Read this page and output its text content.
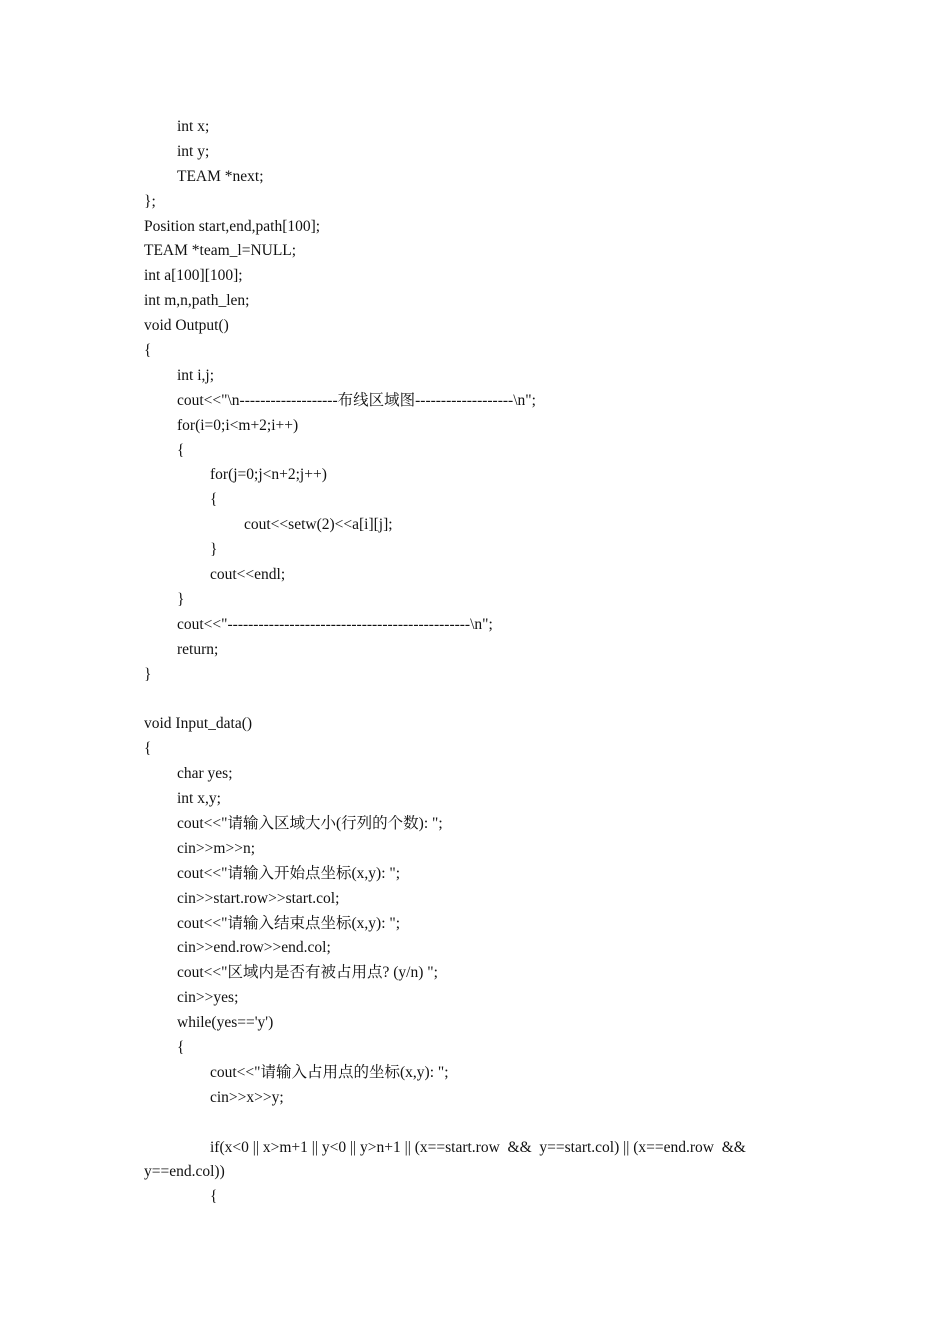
int x;
int y;
TEAM *next;
};
Position start,end,path[100];
TEAM *team_l=NULL;
int a[100][100];
int m,n,path_len;
void Output()
{
int i,j;
cout<<"\n-------------------布线区域图-------------------\n";
for(i=0;i<m+2;i++)
{
for(j=0;j<n+2;j++)
{
cout<<setw(2)<<a[i][j];
}
cout<<endl;
}
cout<<"-----------------------------------------------\n";
return;
}
void Input_data()
{
char yes;
int x,y;
cout<<"请输入区域大小(行列的个数): ";
cin>>m>>n;
cout<<"请输入开始点坐标(x,y): ";
cin>>start.row>>start.col;
cout<<"请输入结束点坐标(x,y): ";
cin>>end.row>>end.col;
cout<<"区域内是否有被占用点? (y/n) ";
cin>>yes;
while(yes=='y')
{
cout<<"请输入占用点的坐标(x,y): ";
cin>>x>>y;
if(x<0 || x>m+1 || y<0 || y>n+1 || (x==start.row  &&  y==start.col) || (x==end.row  &&
y==end.col))
{
